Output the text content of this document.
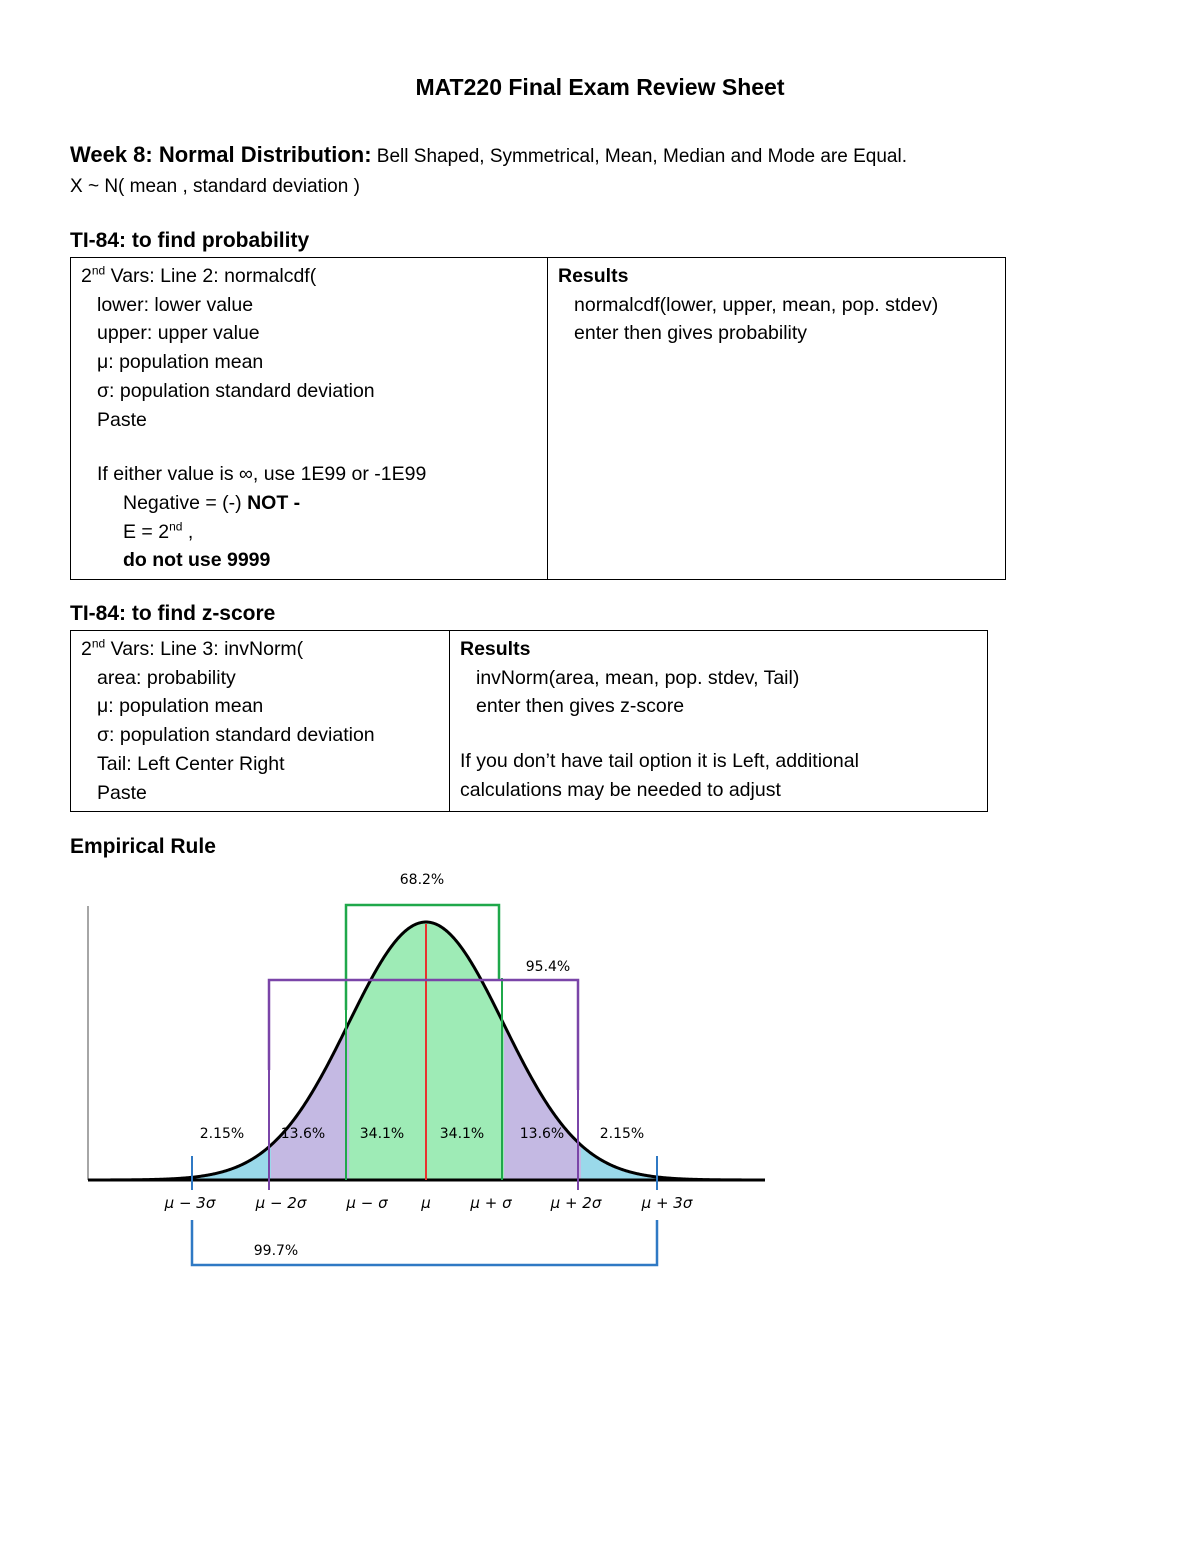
MAT220 Final Exam Review Sheet
Week 8: Normal Distribution: Bell Shaped, Symmetrical, Mean, Median and Mode are Equal.
X ~ N( mean , standard deviation )
TI-84: to find probability
2nd Vars: Line 2: normalcdf(
lower: lower value
upper: upper value
μ: population mean
σ: population standard deviation
Paste
If either value is ∞, use 1E99 or -1E99
Negative = (-) NOT -
E = 2nd ,
do not use 9999

Results
normalcdf(lower, upper, mean, pop. stdev)
enter then gives probability
TI-84: to find z-score
2nd Vars: Line 3: invNorm(
area: probability
μ: population mean
σ: population standard deviation
Tail: Left Center Right
Paste

Results
invNorm(area, mean, pop. stdev, Tail)
enter then gives z-score
If you don’t have tail option it is Left, additional
calculations may be needed to adjust
Empirical Rule
68.2%
95.4%
99.7%
2.15%	13.6% 34.1%	34.1%	13.6%	2.15%
μ − 3σ	μ − 2σ	μ − σ μ	μ + σ	μ + 2σ	μ + 3σ
